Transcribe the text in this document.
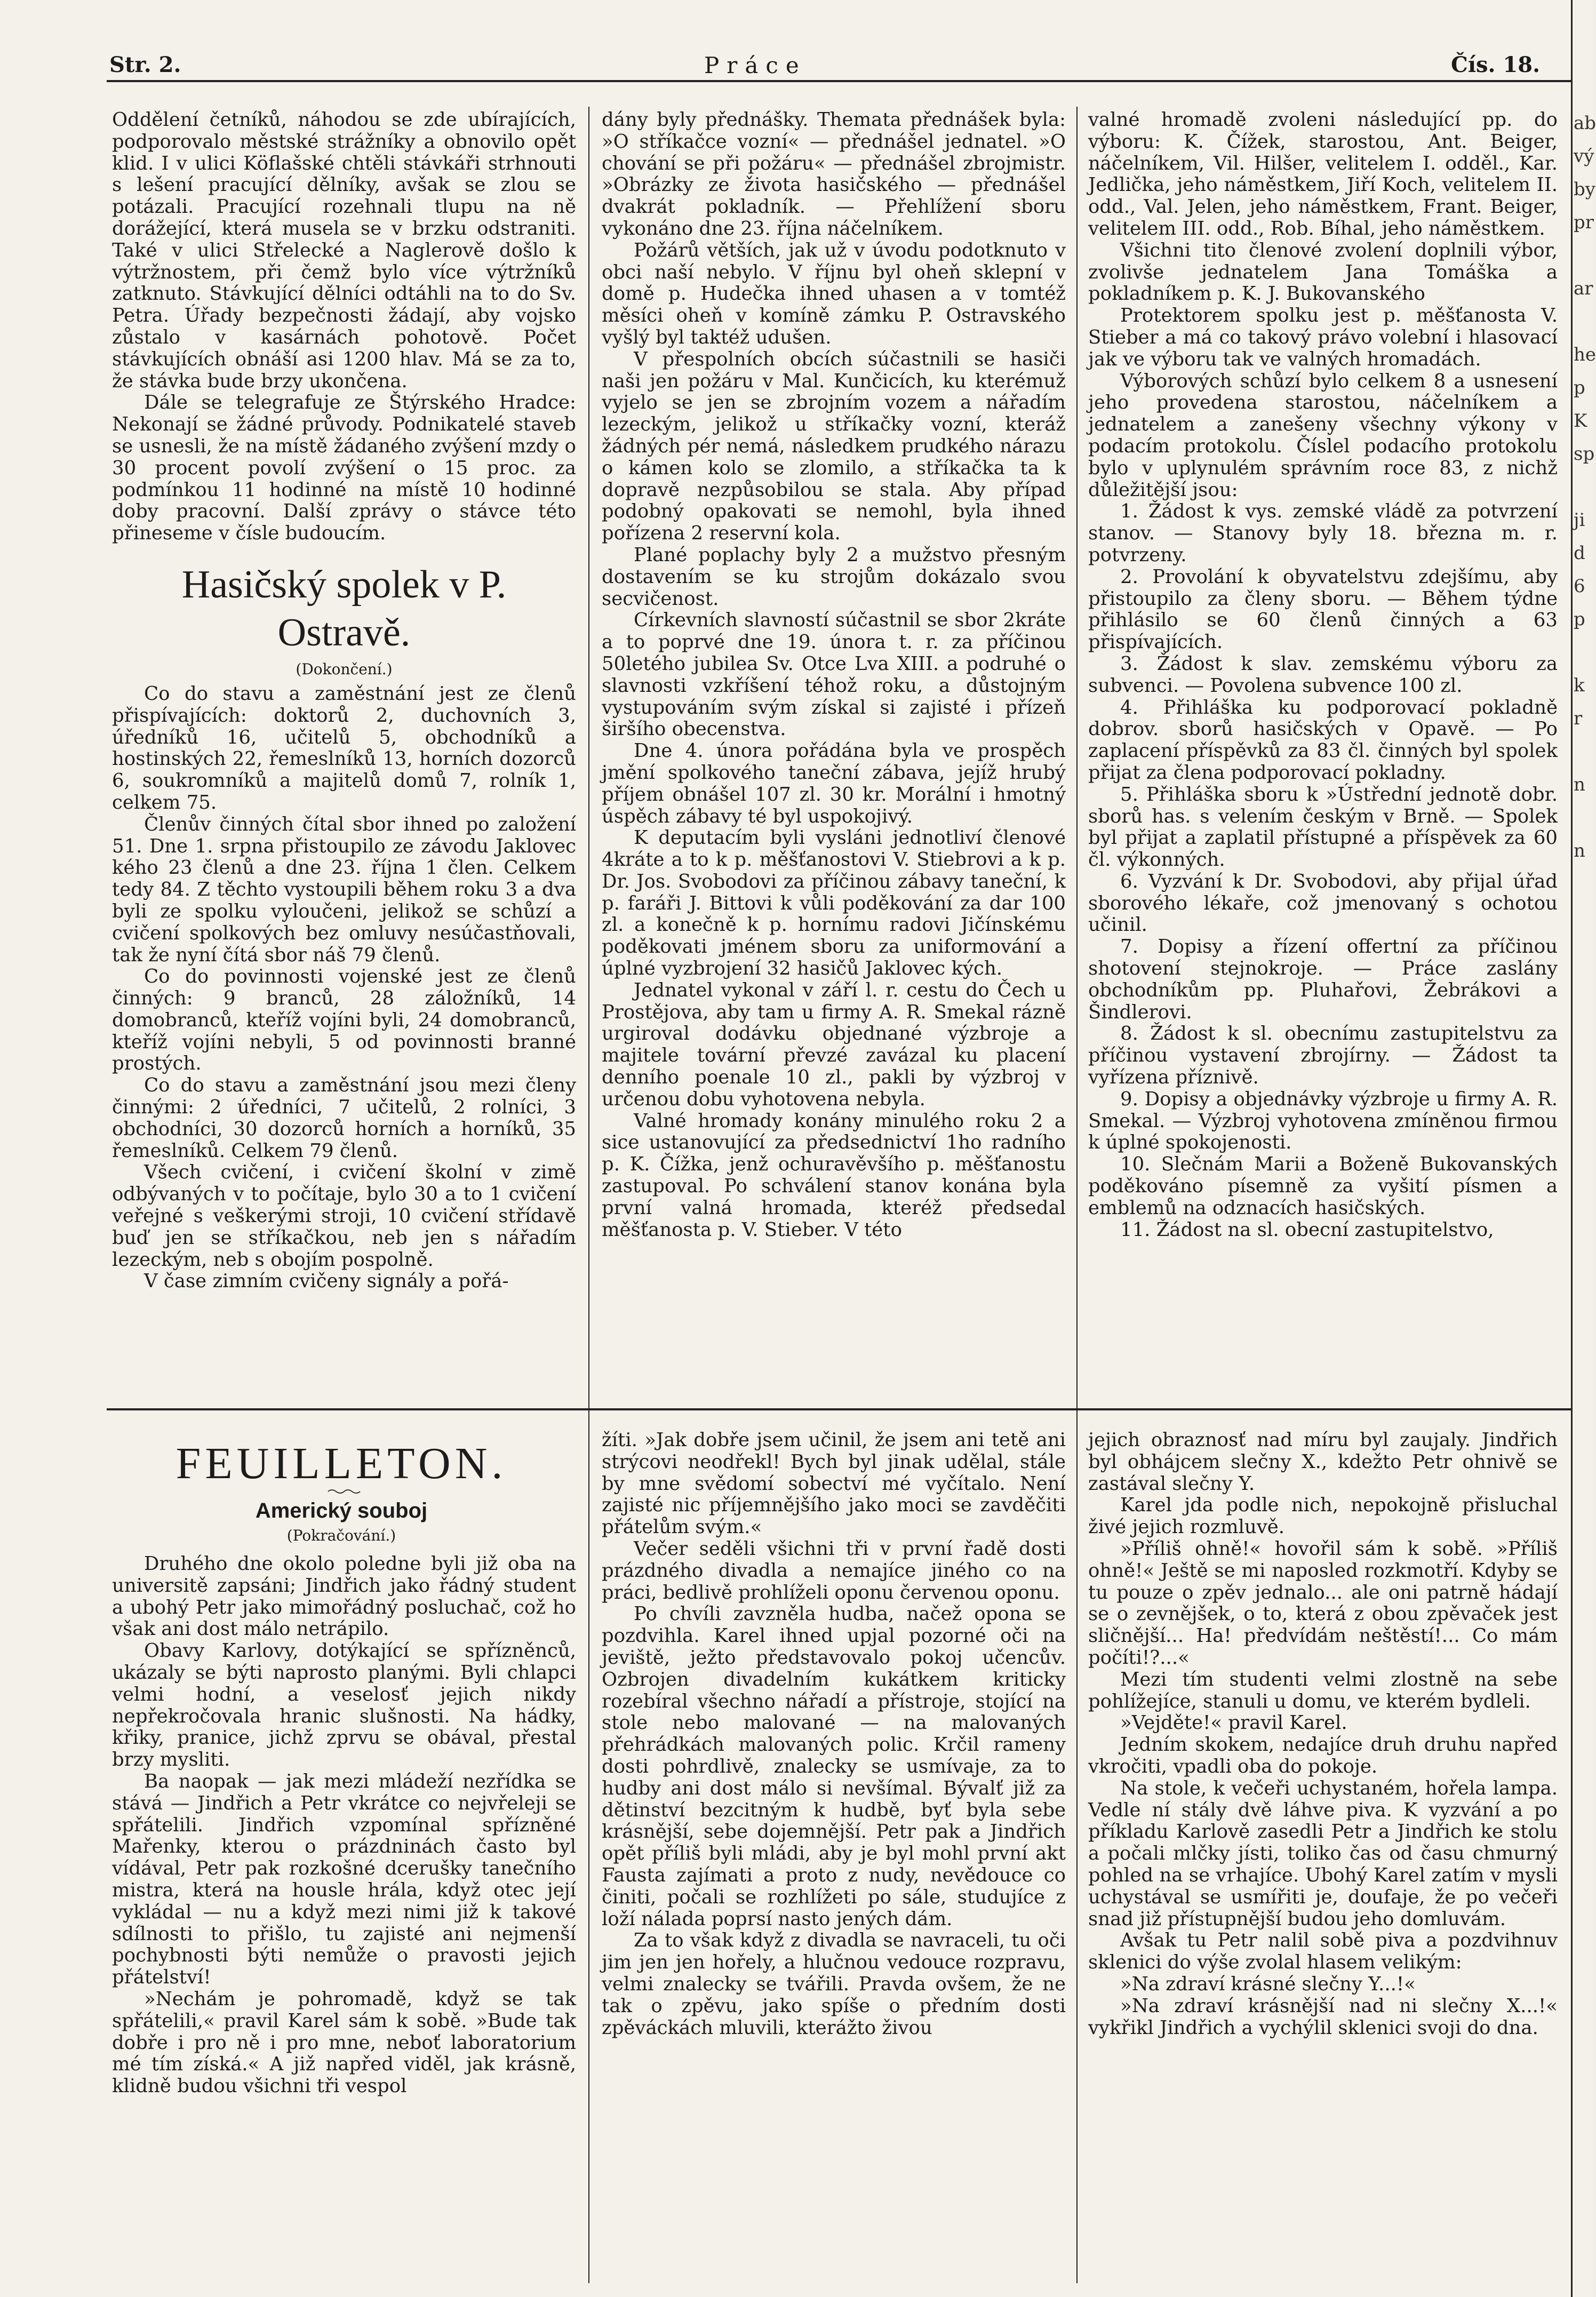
Str. 2.	Práce	Čís. 18.

Oddělení četníků, náhodou se zde ubírajících, podporovalo městské strážníky a obnovilo opět klid. I v ulici Köflašské chtěli stávkáři strhnouti s lešení pracující dělníky, avšak se zlou se potázali. Pracující rozehnali tlupu na ně dorážející, která musela se v brzku odstraniti. Také v ulici Střelecké a Naglerově došlo k výtržnostem, při čemž bylo více výtržníků zatknuto. Stávkující dělníci odtáhli na to do Sv. Petra. Úřady bezpečnosti žádají, aby vojsko zůstalo v kasárnách pohotově. Počet stávkujících obnáší asi 1200 hlav. Má se za to, že stávka bude brzy ukončena.

Dále se telegrafuje ze Štýrského Hradce: Nekonají se žádné průvody. Podnikatelé staveb se usnesli, že na místě žádaného zvýšení mzdy o 30 procent povolí zvýšení o 15 proc. za podmínkou 11 hodinné na místě 10 hodinné doby pracovní. Další zprávy o stávce této přineseme v čísle budoucím.

Hasičský spolek v P. Ostravě.
(Dokončení.)

Co do stavu a zaměstnání jest ze členů přispívajících: doktorů 2, duchovních 3, úředníků 16, učitelů 5, obchodníků a hostinských 22, řemeslníků 13, horních dozorců 6, soukromníků a majitelů domů 7, rolník 1, celkem 75.

Členův činných čítal sbor ihned po založení 51. Dne 1. srpna přistoupilo ze závodu Jaklovec kého 23 členů a dne 23. října 1 člen. Celkem tedy 84. Z těchto vystoupili během roku 3 a dva byli ze spolku vyloučeni, jelikož se schůzí a cvičení spolkových bez omluvy nesúčastňovali, tak že nyní čítá sbor náš 79 členů.

Co do povinnosti vojenské jest ze členů činných: 9 branců, 28 záložníků, 14 domobranců, kteříž vojíni byli, 24 domobranců, kteříž vojíni nebyli, 5 od povinnosti branné prostých.

Co do stavu a zaměstnání jsou mezi členy činnými: 2 úředníci, 7 učitelů, 2 rolníci, 3 obchodníci, 30 dozorců horních a horníků, 35 řemeslníků. Celkem 79 členů.

Všech cvičení, i cvičení školní v zimě odbývaných v to počítaje, bylo 30 a to 1 cvičení veřejné s veškerými stroji, 10 cvičení střídavě buď jen se stříkačkou, neb jen s nářadím lezeckým, neb s obojím pospolně.

V čase zimním cvičeny signály a pořá-

dány byly přednášky. Themata přednášek byla: »O stříkačce vozní« — přednášel jednatel. »O chování se při požáru« — přednášel zbrojmistr. »Obrázky ze života hasičského — přednášel dvakrát pokladník. — Přehlížení sboru vykonáno dne 23. října náčelníkem.

Požárů větších, jak už v úvodu podotknuto v obci naší nebylo. V říjnu byl oheň sklepní v domě p. Hudečka ihned uhasen a v tomtéž měsíci oheň v komíně zámku P. Ostravského vyšlý byl taktéž udušen.

V přespolních obcích súčastnili se hasiči naši jen požáru v Mal. Kunčicích, ku kterémuž vyjelo se jen se zbrojním vozem a nářadím lezeckým, jelikož u stříkačky vozní, kteráž žádných pér nemá, následkem prudkého nárazu o kámen kolo se zlomilo, a stříkačka ta k dopravě nezpůsobilou se stala. Aby případ podobný opakovati se nemohl, byla ihned pořízena 2 reservní kola.

Plané poplachy byly 2 a mužstvo přesným dostavením se ku strojům dokázalo svou secvičenost.

Církevních slavností súčastnil se sbor 2kráte a to poprvé dne 19. února t. r. za příčinou 50letého jubilea Sv. Otce Lva XIII. a podruhé o slavnosti vzkříšení téhož roku, a důstojným vystupováním svým získal si zajisté i přízeň širšího obecenstva.

Dne 4. února pořádána byla ve prospěch jmění spolkového taneční zábava, jejíž hrubý příjem obnášel 107 zl. 30 kr. Morální i hmotný úspěch zábavy té byl uspokojivý.

K deputacím byli vysláni jednotliví členové 4kráte a to k p. měšťanostovi V. Stiebrovi a k p. Dr. Jos. Svobodovi za příčinou zábavy taneční, k p. faráři J. Bittovi k vůli poděkování za dar 100 zl. a konečně k p. hornímu radovi Jičínskému poděkovati jménem sboru za uniformování a úplné vyzbrojení 32 hasičů Jaklovec kých.

Jednatel vykonal v září l. r. cestu do Čech u Prostějova, aby tam u firmy A. R. Smekal rázně urgiroval dodávku objednané výzbroje a majitele tovární převzé zavázal ku placení denního poenale 10 zl., pakli by výzbroj v určenou dobu vyhotovena nebyla.

Valné hromady konány minulého roku 2 a sice ustanovující za předsednictví 1ho radního p. K. Čížka, jenž ochuravěvšího p. měšťanostu zastupoval. Po schválení stanov konána byla první valná hromada, kteréž předsedal měšťanosta p. V. Stieber. V této

valné hromadě zvoleni následující pp. do výboru: K. Čížek, starostou, Ant. Beiger, náčelníkem, Vil. Hilšer, velitelem I. odděl., Kar. Jedlička, jeho náměstkem, Jiří Koch, velitelem II. odd., Val. Jelen, jeho náměstkem, Frant. Beiger, velitelem III. odd., Rob. Bíhal, jeho náměstkem.

Všichni tito členové zvolení doplnili výbor, zvolivše jednatelem Jana Tomáška a pokladníkem p. K. J. Bukovanského

Protektorem spolku jest p. měšťanosta V. Stieber a má co takový právo volební i hlasovací jak ve výboru tak ve valných hromadách.

Výborových schůzí bylo celkem 8 a usnesení jeho provedena starostou, náčelníkem a jednatelem a zanešeny všechny výkony v podacím protokolu. Číslel podacího protokolu bylo v uplynulém správním roce 83, z nichž důležitější jsou:

1. Žádost k vys. zemské vládě za potvrzení stanov. — Stanovy byly 18. března m. r. potvrzeny.

2. Provolání k obyvatelstvu zdejšímu, aby přistoupilo za členy sboru. — Během týdne přihlásilo se 60 členů činných a 63 přispívajících.

3. Žádost k slav. zemskému výboru za subvenci. — Povolena subvence 100 zl.

4. Přihláška ku podporovací pokladně dobrov. sborů hasičských v Opavě. — Po zaplacení příspěvků za 83 čl. činných byl spolek přijat za člena podporovací pokladny.

5. Přihláška sboru k »Ústřední jednotě dobr. sborů has. s velením českým v Brně. — Spolek byl přijat a zaplatil přístupné a příspěvek za 60 čl. výkonných.

6. Vyzvání k Dr. Svobodovi, aby přijal úřad sborového lékaře, což jmenovaný s ochotou učinil.

7. Dopisy a řízení offertní za příčinou shotovení stejnokroje. — Práce zaslány obchodníkům pp. Pluhařovi, Žebrákovi a Šindlerovi.

8. Žádost k sl. obecnímu zastupitelstvu za příčinou vystavení zbrojírny. — Žádost ta vyřízena příznivě.

9. Dopisy a objednávky výzbroje u firmy A. R. Smekal. — Výzbroj vyhotovena zmíněnou firmou k úplné spokojenosti.

10. Slečnám Marii a Boženě Bukovanských poděkováno písemně za vyšití písmen a emblemů na odznacích hasičských.

11. Žádost na sl. obecní zastupitelstvo,

FEUILLETON.
Americký souboj
(Pokračování.)

Druhého dne okolo poledne byli již oba na universitě zapsáni; Jindřich jako řádný student a ubohý Petr jako mimořádný posluchač, což ho však ani dost málo netrápilo.

Obavy Karlovy, dotýkající se spřízněnců, ukázaly se býti naprosto planými. Byli chlapci velmi hodní, a veselosť jejich nikdy nepřekročovala hranic slušnosti. Na hádky, křiky, pranice, jichž zprvu se obával, přestal brzy mysliti.

Ba naopak — jak mezi mládeží nezřídka se stává — Jindřich a Petr vkrátce co nejvřeleji se spřátelili. Jindřich vzpomínal spřízněné Mařenky, kterou o prázdninách často byl vídával, Petr pak rozkošné dcerušky tanečního mistra, která na housle hrála, když otec její vykládal — nu a když mezi nimi již k takové sdílnosti to přišlo, tu zajisté ani nejmenší pochybnosti býti nemůže o pravosti jejich přátelství!

»Nechám je pohromadě, když se tak spřátelili,« pravil Karel sám k sobě. »Bude tak dobře i pro ně i pro mne, neboť laboratorium mé tím získá.« A již napřed viděl, jak krásně, klidně budou všichni tři vespol

žíti. »Jak dobře jsem učinil, že jsem ani tetě ani strýcovi neodřekl! Bych byl jinak udělal, stále by mne svědomí sobectví mé vyčítalo. Není zajisté nic příjemnějšího jako moci se zavděčiti přátelům svým.«

Večer seděli všichni tři v první řadě dosti prázdného divadla a nemajíce jiného co na práci, bedlivě prohlíželi oponu červenou oponu.

Po chvíli zavzněla hudba, načež opona se pozdvihla. Karel ihned upjal pozorné oči na jeviště, ježto představovalo pokoj učencův. Ozbrojen divadelním kukátkem kriticky rozebíral všechno nářadí a přístroje, stojící na stole nebo malované — na malovaných přehrádkách malovaných polic. Krčil rameny dosti pohrdlivě, znalecky se usmívaje, za to hudby ani dost málo si nevšímal. Bývalť již za dětinství bezcitným k hudbě, byť byla sebe krásnější, sebe dojemnější. Petr pak a Jindřich opět příliš byli mládi, aby je byl mohl první akt Fausta zajímati a proto z nudy, nevědouce co činiti, počali se rozhlížeti po sále, studujíce z loží nálada poprsí nasto jených dám.

Za to však když z divadla se navraceli, tu oči jim jen jen hořely, a hlučnou vedouce rozpravu, velmi znalecky se tvářili. Pravda ovšem, že ne tak o zpěvu, jako spíše o předním dosti zpěváckách mluvili, kterážto živou

jejich obraznosť nad míru byl zaujaly. Jindřich byl obhájcem slečny X., kdežto Petr ohnivě se zastával slečny Y.

Karel jda podle nich, nepokojně přisluchal živé jejich rozmluvě.

»Příliš ohně!« hovořil sám k sobě. »Příliš ohně!« Ještě se mi naposled rozkmotří. Kdyby se tu pouze o zpěv jednalo... ale oni patrně hádají se o zevnějšek, o to, která z obou zpěvaček jest sličnější... Ha! předvídám neštěstí!... Co mám počíti!?...«

Mezi tím studenti velmi zlostně na sebe pohlížejíce, stanuli u domu, ve kterém bydleli.

»Vejděte!« pravil Karel.

Jedním skokem, nedajíce druh druhu napřed vkročiti, vpadli oba do pokoje.

Na stole, k večeři uchystaném, hořela lampa. Vedle ní stály dvě láhve piva. K vyzvání a po příkladu Karlově zasedli Petr a Jindřich ke stolu a počali mlčky jísti, toliko čas od času chmurný pohled na se vrhajíce. Ubohý Karel zatím v mysli uchystával se usmířiti je, doufaje, že po večeři snad již přístupnější budou jeho domluvám.

Avšak tu Petr nalil sobě piva a pozdvihnuv sklenici do výše zvolal hlasem velikým:

»Na zdraví krásné slečny Y...!«

»Na zdraví krásnější nad ni slečny X...!« vykřikl Jindřich a vychýlil sklenici svoji do dna.

ab
vý
by
pr

ar

he
p
K
sp

ji
d
6
p

k
r

n

n
